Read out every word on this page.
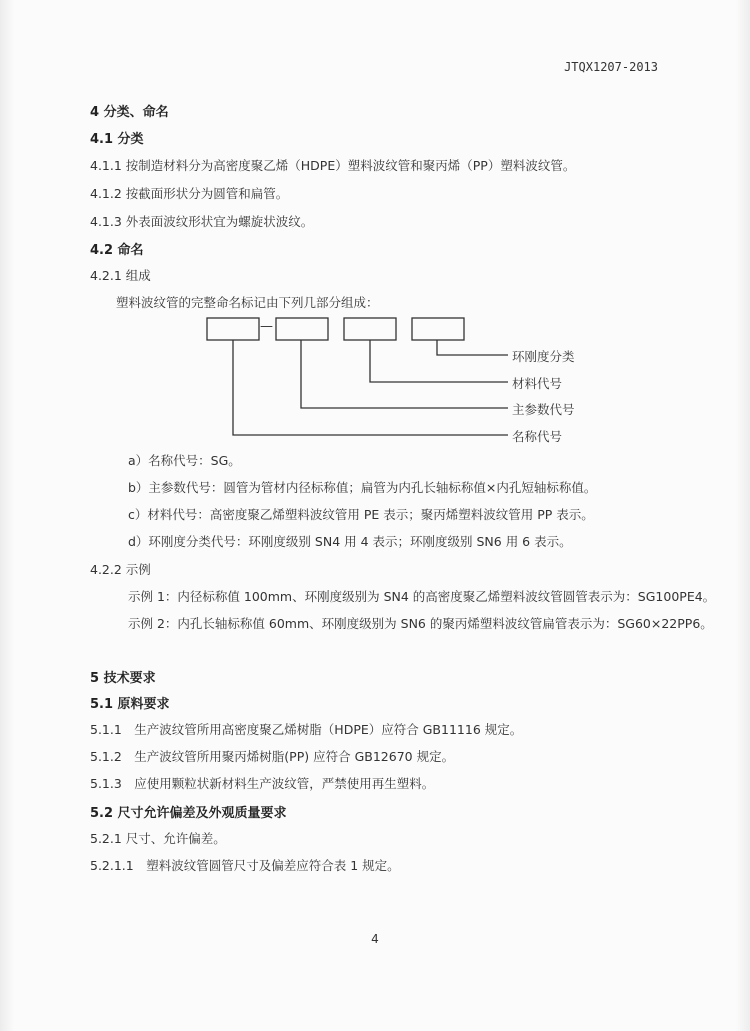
JTQX1207-2013
4 分类、命名
4.1 分类
4.1.1 按制造材料分为高密度聚乙烯（HDPE）塑料波纹管和聚丙烯（PP）塑料波纹管。
4.1.2 按截面形状分为圆管和扁管。
4.1.3 外表面波纹形状宜为螺旋状波纹。
4.2 命名
4.2.1 组成
塑料波纹管的完整命名标记由下列几部分组成：
—
环刚度分类
材料代号
主参数代号
名称代号
a）名称代号：SG。
b）主参数代号：圆管为管材内径标称值；扁管为内孔长轴标称值×内孔短轴标称值。
c）材料代号：高密度聚乙烯塑料波纹管用 PE 表示；聚丙烯塑料波纹管用 PP 表示。
d）环刚度分类代号：环刚度级别 SN4 用 4 表示；环刚度级别 SN6 用 6 表示。
4.2.2 示例
示例 1：内径标称值 100mm、环刚度级别为 SN4 的高密度聚乙烯塑料波纹管圆管表示为：SG100PE4。
示例 2：内孔长轴标称值 60mm、环刚度级别为 SN6 的聚丙烯塑料波纹管扁管表示为：SG60×22PP6。
5 技术要求
5.1 原料要求
5.1.1　生产波纹管所用高密度聚乙烯树脂（HDPE）应符合 GB11116 规定。
5.1.2　生产波纹管所用聚丙烯树脂(PP) 应符合 GB12670 规定。
5.1.3　应使用颗粒状新材料生产波纹管，严禁使用再生塑料。
5.2 尺寸允许偏差及外观质量要求
5.2.1 尺寸、允许偏差。
5.2.1.1　塑料波纹管圆管尺寸及偏差应符合表 1 规定。
4
